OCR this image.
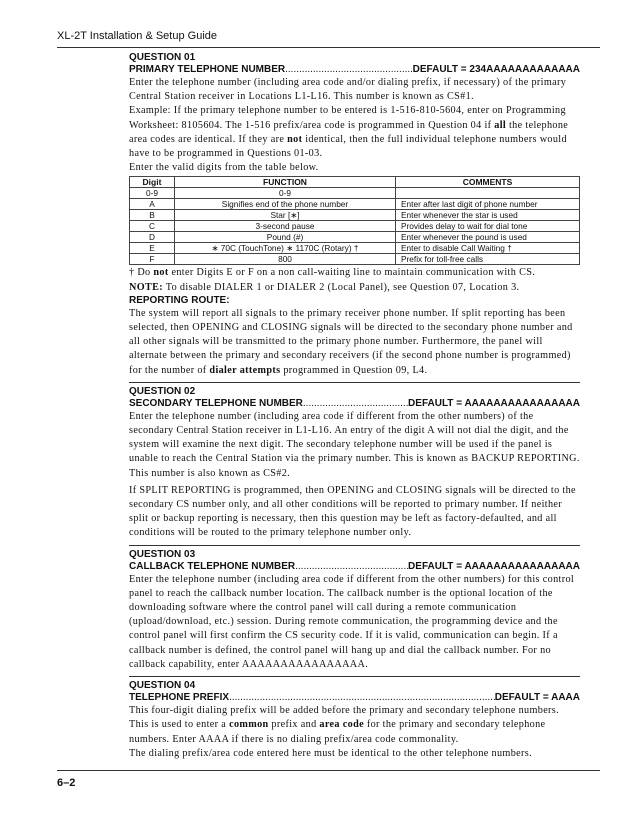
XL-2T Installation & Setup Guide
QUESTION 01
PRIMARY TELEPHONE NUMBER .....	DEFAULT = 234AAAAAAAAAAAAA

Enter the telephone number (including area code and/or dialing prefix, if necessary) of the primary Central Station receiver in Locations L1-L16. This number is known as CS#1.

Example: If the primary telephone number to be entered is 1-516-810-5604, enter on Programming Worksheet: 8105604. The 1-516 prefix/area code is programmed in Question 04 if all the telephone area codes are identical. If they are not identical, then the full individual telephone numbers would have to be programmed in Questions 01-03.

Enter the valid digits from the table below.

Digit	FUNCTION	COMMENTS
0-9	0-9	
A	Signifies end of the phone number	Enter after last digit of phone number
B	Star [∗]	Enter whenever the star is used
C	3-second pause	Provides delay to wait for dial tone
D	Pound (#)	Enter whenever the pound is used
E	∗ 70C (TouchTone) ∗ 1170C (Rotary) †	Enter to disable Call Waiting †
F	800	Prefix for toll-free calls

† Do not enter Digits E or F on a non call-waiting line to maintain communication with CS.

NOTE: To disable DIALER 1 or DIALER 2 (Local Panel), see Question 07, Location 3.

REPORTING ROUTE:

The system will report all signals to the primary receiver phone number. If split reporting has been selected, then OPENING and CLOSING signals will be directed to the secondary phone number and all other signals will be transmitted to the primary phone number. Furthermore, the panel will alternate between the primary and secondary receivers (if the second phone number is programmed) for the number of dialer attempts programmed in Question 09, L4.

QUESTION 02
SECONDARY TELEPHONE NUMBER .....	DEFAULT = AAAAAAAAAAAAAAAA

Enter the telephone number (including area code if different from the other numbers) of the secondary Central Station receiver in L1-L16. An entry of the digit A will not dial the digit, and the system will examine the next digit. The secondary telephone number will be used if the panel is unable to reach the Central Station via the primary number. This is known as BACKUP REPORTING. This number is also known as CS#2.

If SPLIT REPORTING is programmed, then OPENING and CLOSING signals will be directed to the secondary CS number only, and all other conditions will be reported to primary number. If neither split or backup reporting is necessary, then this question may be left as factory-defaulted, and all conditions will be routed to the primary telephone number only.

QUESTION 03
CALLBACK TELEPHONE NUMBER .....	DEFAULT = AAAAAAAAAAAAAAAA

Enter the telephone number (including area code if different from the other numbers) for this control panel to reach the callback number location. The callback number is the optional location of the downloading software where the control panel will call during a remote communication (upload/download, etc.) session. During remote communication, the programming device and the control panel will first confirm the CS security code. If it is valid, communication can begin. If a callback number is defined, the control panel will hang up and dial the callback number. For no callback capability, enter AAAAAAAAAAAAAAAA.

QUESTION 04
TELEPHONE PREFIX .....	DEFAULT = AAAA

This four-digit dialing prefix will be added before the primary and secondary telephone numbers. This is used to enter a common prefix and area code for the primary and secondary telephone numbers. Enter AAAA if there is no dialing prefix/area code commonality.

The dialing prefix/area code entered here must be identical to the other telephone numbers.

6–2
